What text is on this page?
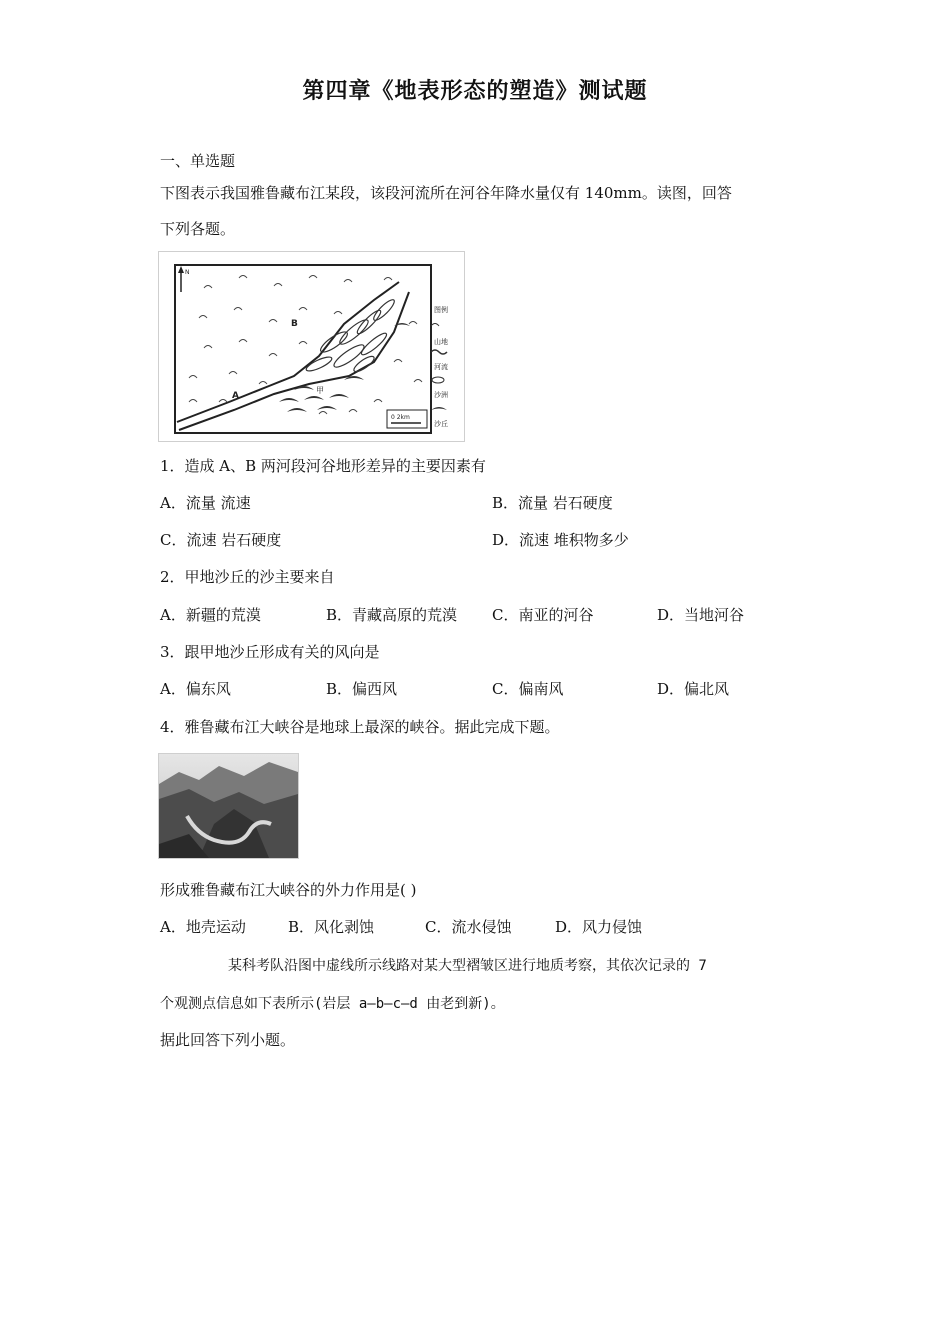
第四章《地表形态的塑造》测试题
一、单选题
下图表示我国雅鲁藏布江某段，该段河流所在河谷年降水量仅有 140mm。读图，回答
下列各题。
N
A
B
甲
0 2km
图例
山地
河流
沙洲
沙丘
1．造成 A、B 两河段河谷地形差异的主要因素有
A．流量 流速	B．流量 岩石硬度
C．流速 岩石硬度	D．流速 堆积物多少
2．甲地沙丘的沙主要来自
A．新疆的荒漠	B．青藏高原的荒漠 C．南亚的河谷	D．当地河谷
3．跟甲地沙丘形成有关的风向是
A．偏东风	B．偏西风	C．偏南风	D．偏北风
4．雅鲁藏布江大峡谷是地球上最深的峡谷。据此完成下题。
形成雅鲁藏布江大峡谷的外力作用是( )
A．地壳运动	B．风化剥蚀	C．流水侵蚀	D．风力侵蚀
某科考队沿图中虚线所示线路对某大型褶皱区进行地质考察，其依次记录的 7
个观测点信息如下表所示(岩层 a—b—c—d 由老到新)。
据此回答下列小题。
